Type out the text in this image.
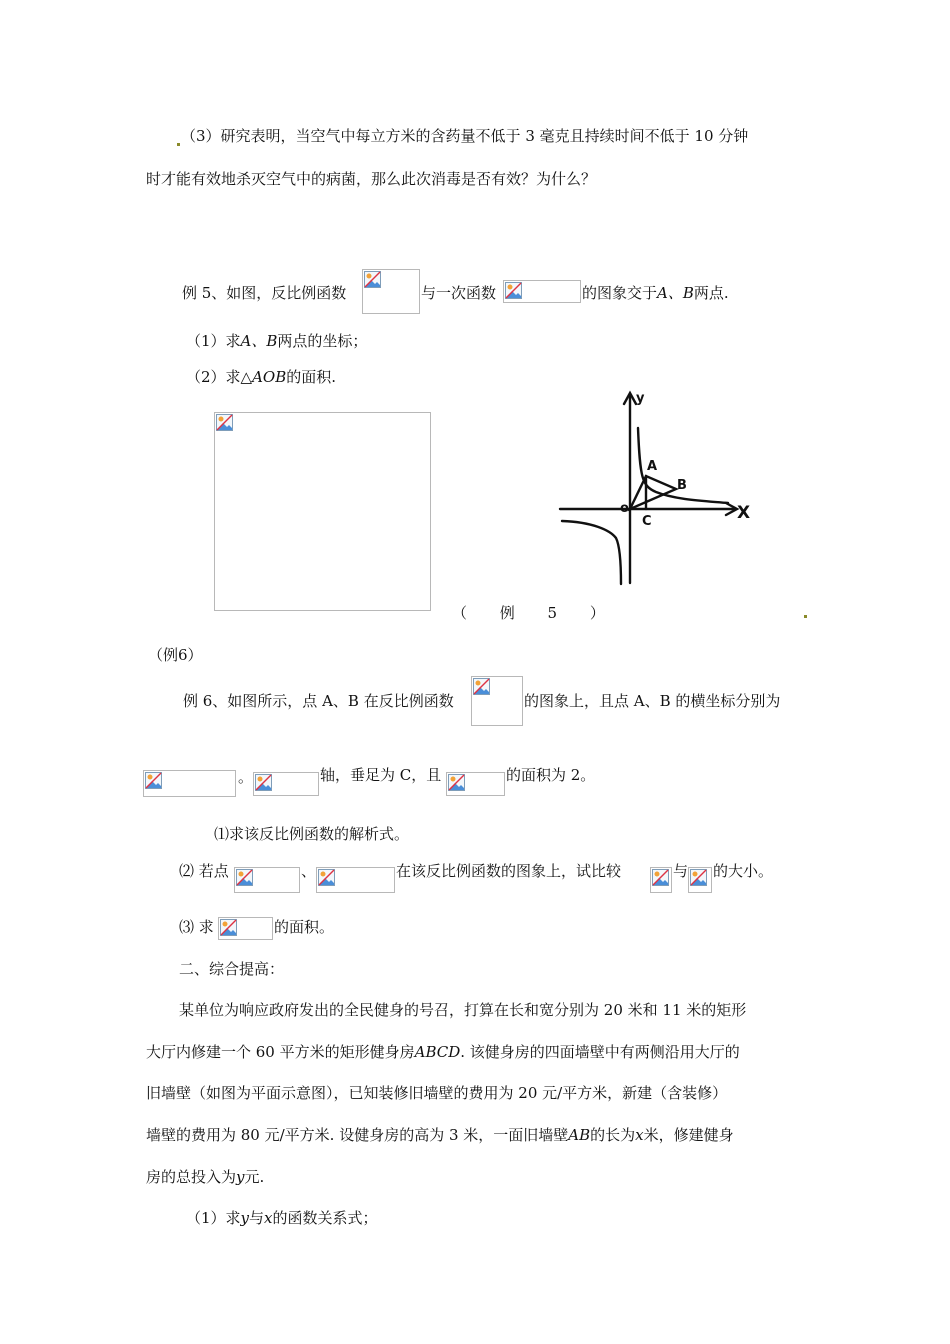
（3）研究表明，当空气中每立方米的含药量不低于 3 毫克且持续时间不低于 10 分钟
时才能有效地杀灭空气中的病菌，那么此次消毒是否有效？为什么？
例 5、如图，反比例函数	与一次函数	的图象交于A、B两点.
（1）求A、B两点的坐标；
（2）求△AOB的面积.
y
X
A
B
o
C
（ 例 5 ）
（例6）
例 6、如图所示，点 A、B 在反比例函数	的图象上，且点 A、B 的横坐标分别为
。	轴，垂足为 C，且	的面积为 2。
⑴求该反比例函数的解析式。
⑵ 若点	、	在该反比例函数的图象上，试比较	与 的大小。
⑶ 求	的面积。
二、综合提高：
某单位为响应政府发出的全民健身的号召，打算在长和宽分别为 20 米和 11 米的矩形
大厅内修建一个 60 平方米的矩形健身房ABCD. 该健身房的四面墙壁中有两侧沿用大厅的
旧墙壁（如图为平面示意图），已知装修旧墙壁的费用为 20 元/平方米，新建（含装修）
墙壁的费用为 80 元/平方米. 设健身房的高为 3 米，一面旧墙壁AB的长为x米，修建健身
房的总投入为y元.
（1）求y与x的函数关系式；
